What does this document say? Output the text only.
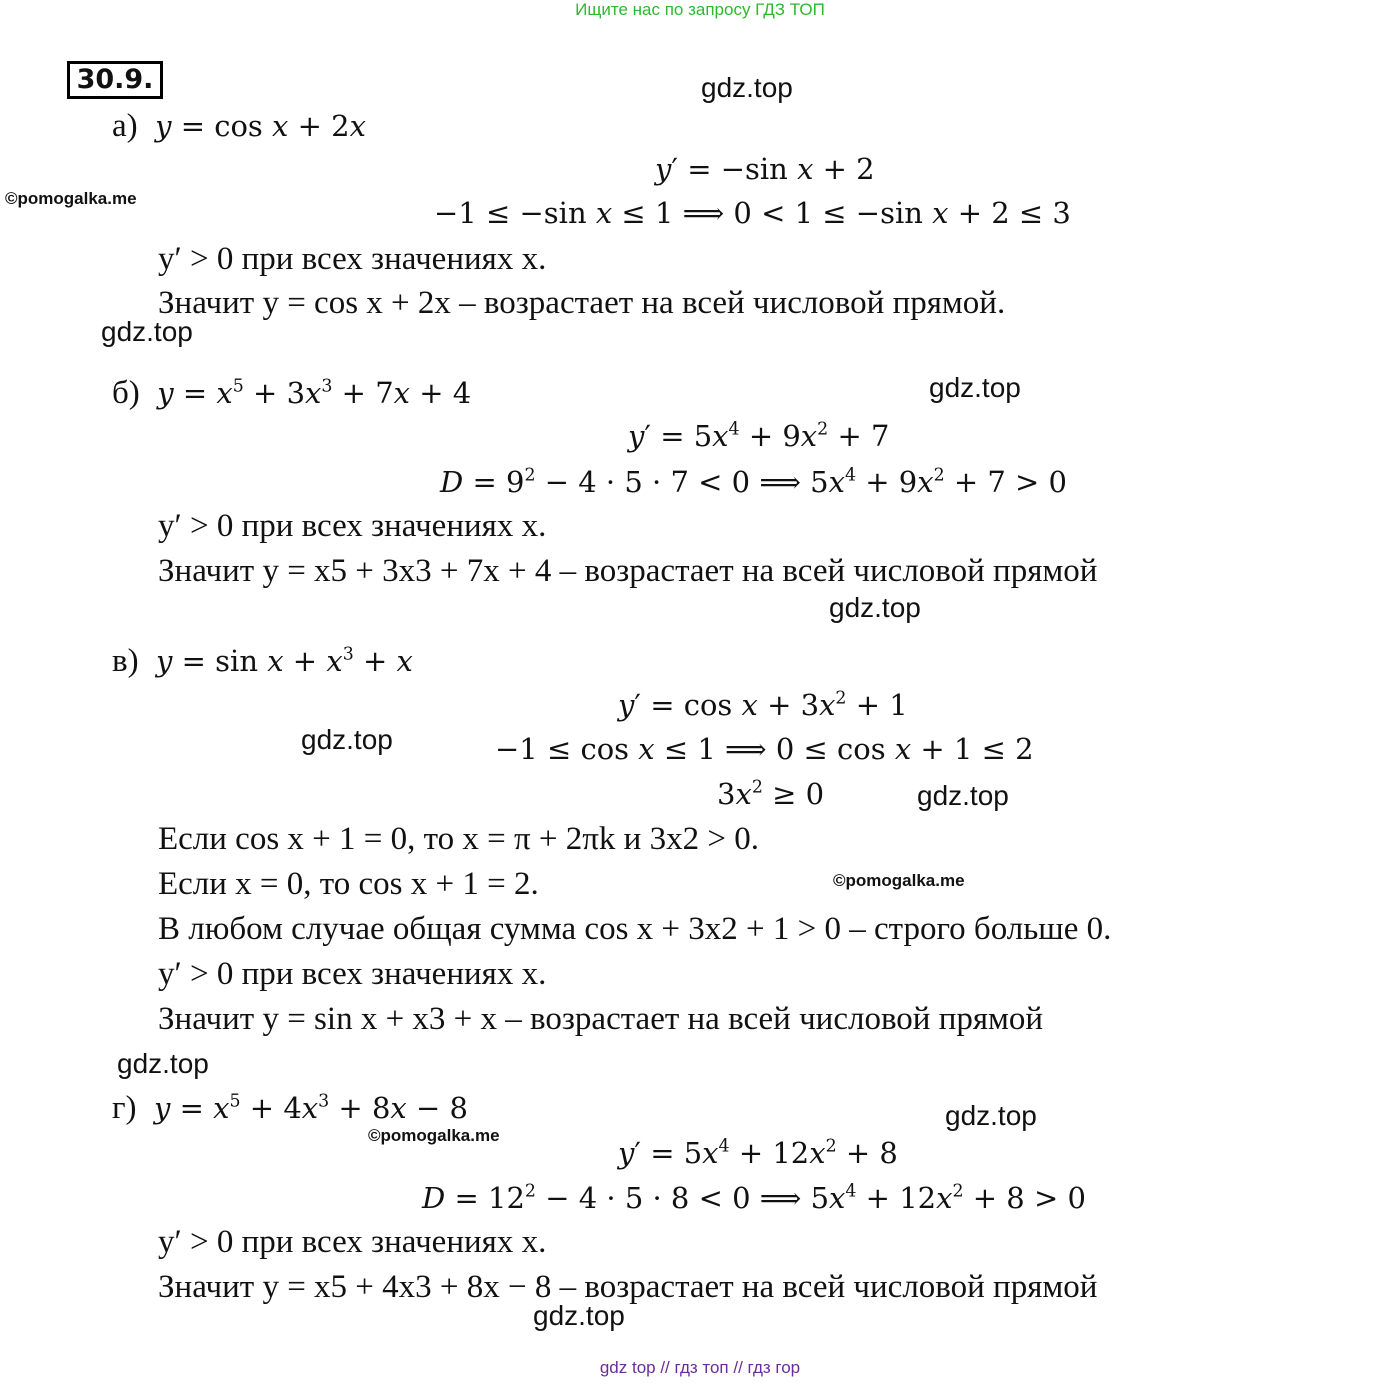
Ищите нас по запросу ГДЗ ТОП
30.9.	gdz.top
©pomogalka.me
gdz.top
gdz.top
gdz.top
gdz.top
gdz.top
©pomogalka.me
gdz.top
gdz.top
©pomogalka.me
gdz.top
а) y = cos x + 2x
y′ = −sin x + 2
−1 ≤ −sin x ≤ 1 ⟹ 0 < 1 ≤ −sin x + 2 ≤ 3
y′ > 0 при всех значениях x.
Значит y = cos x + 2x – возрастает на всей числовой прямой.
б) $y = x^5 + 3x^3 + 7x + 4$
$y' = 5x^4 + 9x^2 + 7$
$D = 9^2 - 4 \cdot 5 \cdot 7 < 0$ ⟹ $5x^4 + 9x^2 + 7 > 0$
y′ > 0 при всех значениях x.
Значит y = x5 + 3x3 + 7x + 4 – возрастает на всей числовой прямой
в) $y = \sin x + x^3 + x$
$y' = \cos x + 3x^2 + 1$
−1 ≤ cos x ≤ 1 ⟹ 0 ≤ cos x + 1 ≤ 2
$3x^2 \ge 0$
Если cos x + 1 = 0, то x = π + 2πk и 3x2 > 0.
Если x = 0, то cos x + 1 = 2.
В любом случае общая сумма cos x + 3x2 + 1 > 0 – строго больше 0.
y′ > 0 при всех значениях x.
Значит y = sin x + x3 + x – возрастает на всей числовой прямой
г) $y = x^5 + 4x^3 + 8x - 8$
$y' = 5x^4 + 12x^2 + 8$
$D = 12^2 - 4 \cdot 5 \cdot 8 < 0$ ⟹ $5x^4 + 12x^2 + 8 > 0$
y′ > 0 при всех значениях x.
Значит y = x5 + 4x3 + 8x − 8 – возрастает на всей числовой прямой
gdz top // гдз топ // гдз гор
